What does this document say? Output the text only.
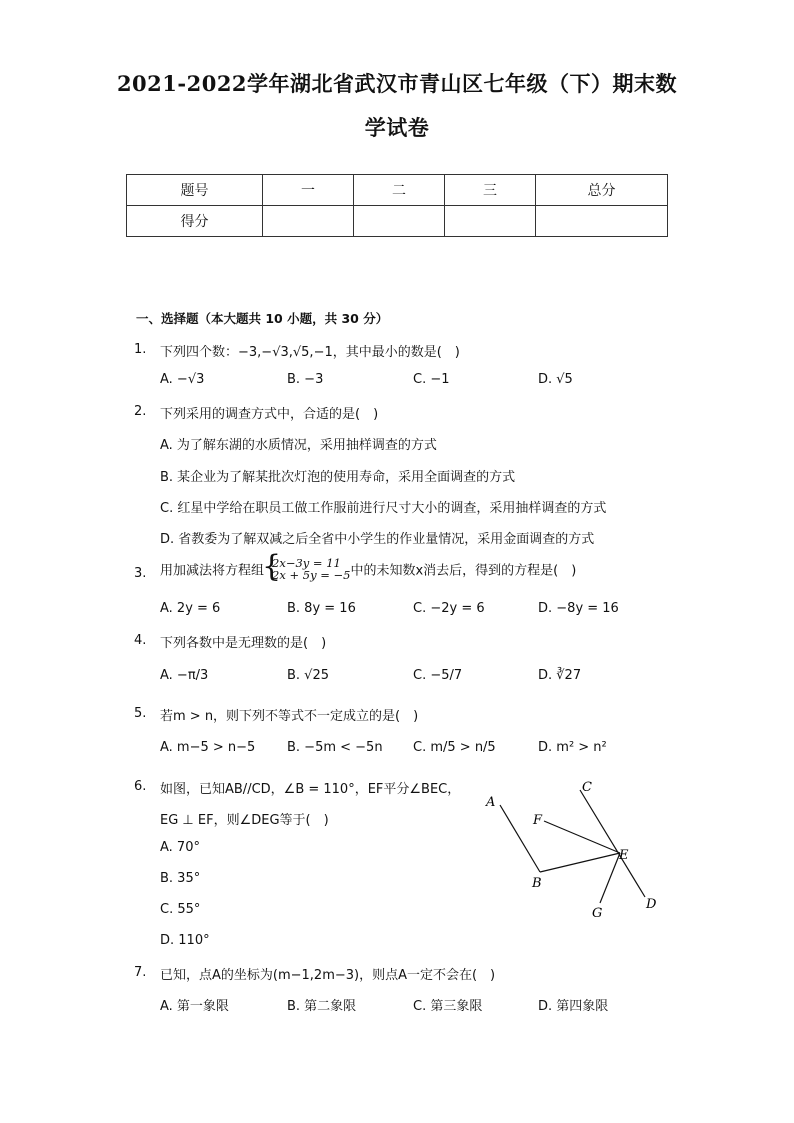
2021-2022学年湖北省武汉市青山区七年级（下）期末数
学试卷
题号	一	二	三	总分
得分				
一、选择题（本大题共 10 小题，共 30 分）
1. 下列四个数：−3,−√3,√5,−1，其中最小的数是(　)
A. −√3	B. −3	C. −1	D. √5
2. 下列采用的调查方式中，合适的是(　)
A. 为了解东湖的水质情况，采用抽样调查的方式
B. 某企业为了解某批次灯泡的使用寿命，采用全面调查的方式
C. 红星中学给在职员工做工作服前进行尺寸大小的调查，采用抽样调查的方式
D. 省教委为了解双减之后全省中小学生的作业量情况，采用金面调查的方式
3. 用加减法将方程组{ 2x−3y = 11
2x + 5y = −5中的未知数x消去后，得到的方程是(　)
A. 2y = 6	B. 8y = 16	C. −2y = 6	D. −8y = 16
4. 下列各数中是无理数的是(　)
A. −π/3	B. √25	C. −5/7	D. ∛27
5. 若m > n，则下列不等式不一定成立的是(　)
A. m−5 > n−5 B. −5m < −5n C. m/5 > n/5	D. m² > n²
6. 如图，已知AB//CD，∠B = 110°，EF平分∠BEC，
EG ⊥ EF，则∠DEG等于(　)
A. 70°
B. 35°
C. 55°
D. 110°
A
B
C
D
E
F
G
7. 已知，点A的坐标为(m−1,2m−3)，则点A一定不会在(　)
A. 第一象限	B. 第二象限	C. 第三象限	D. 第四象限
